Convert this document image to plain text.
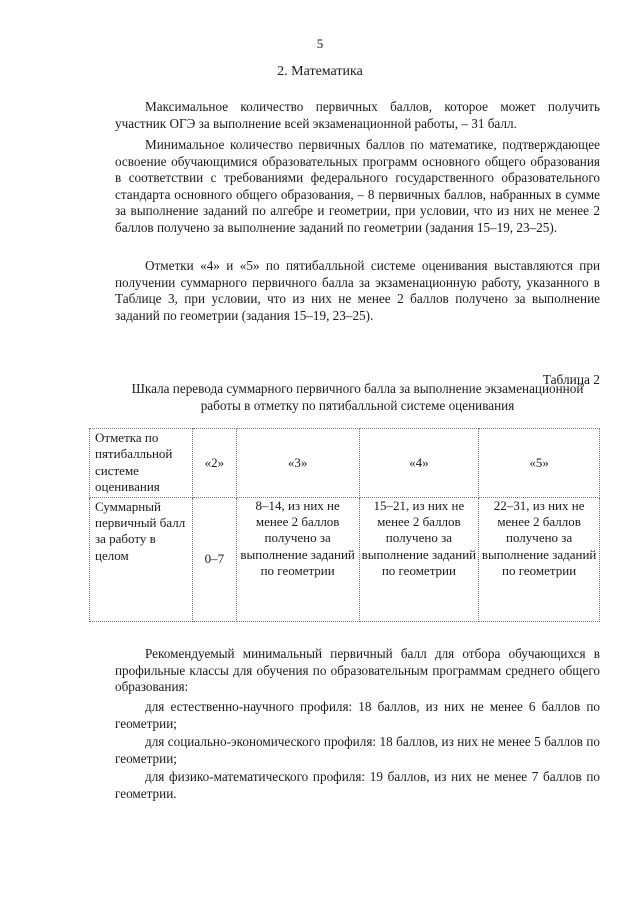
5
2. Математика

Максимальное количество первичных баллов, которое может получить участник ОГЭ за выполнение всей экзаменационной работы, – 31 балл.

Минимальное количество первичных баллов по математике, подтверждающее освоение обучающимися образовательных программ основного общего образования в соответствии с требованиями федерального государственного образовательного стандарта основного общего образования, – 8 первичных баллов, набранных в сумме за выполнение заданий по алгебре и геометрии, при условии, что из них не менее 2 баллов получено за выполнение заданий по геометрии (задания 15–19, 23–25).

Отметки «4» и «5» по пятибалльной системе оценивания выставляются при получении суммарного первичного балла за экзаменационную работу, указанного в Таблице 3, при условии, что из них не менее 2 баллов получено за выполнение заданий по геометрии (задания 15–19, 23–25).

Таблица 2
Шкала перевода суммарного первичного балла за выполнение экзаменационной работы в отметку по пятибалльной системе оценивания
Отметка по пятибалльной системе оценивания	«2»	«3»	«4»	«5»
Суммарный первичный балл за работу в целом	0–7	8–14, из них не менее 2 баллов получено за выполнение заданий по геометрии	15–21, из них не менее 2 баллов получено за выполнение заданий по геометрии	22–31, из них не менее 2 баллов получено за выполнение заданий по геометрии

Рекомендуемый минимальный первичный балл для отбора обучающихся в профильные классы для обучения по образовательным программам среднего общего образования:

для естественно-научного профиля: 18 баллов, из них не менее 6 баллов по геометрии;

для социально-экономического профиля: 18 баллов, из них не менее 5 баллов по геометрии;

для физико-математического профиля: 19 баллов, из них не менее 7 баллов по геометрии.
